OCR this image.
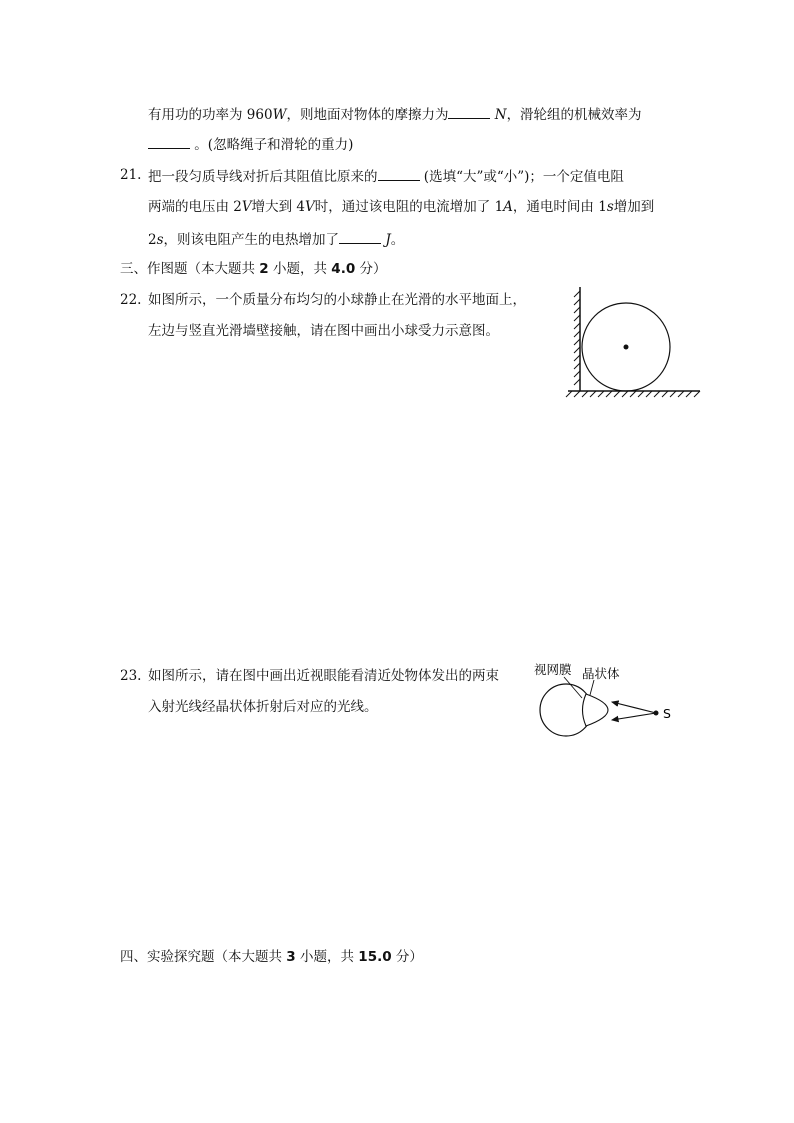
有用功的功率为 960W，则地面对物体的摩擦力为	N，滑轮组的机械效率为
。(忽略绳子和滑轮的重力)
21. 把一段匀质导线对折后其阻值比原来的	(选填“大”或“小”)；一个定值电阻
两端的电压由 2V增大到 4V时，通过该电阻的电流增加了 1A，通电时间由 1s增加到
2s，则该电阻产生的电热增加了	J。
三、作图题（本大题共 2 小题，共 4.0 分）
22. 如图所示，一个质量分布均匀的小球静止在光滑的水平地面上，
左边与竖直光滑墙壁接触，请在图中画出小球受力示意图。
23. 如图所示，请在图中画出近视眼能看清近处物体发出的两束
入射光线经晶状体折射后对应的光线。
视网膜 晶状体
S
四、实验探究题（本大题共 3 小题，共 15.0 分）
